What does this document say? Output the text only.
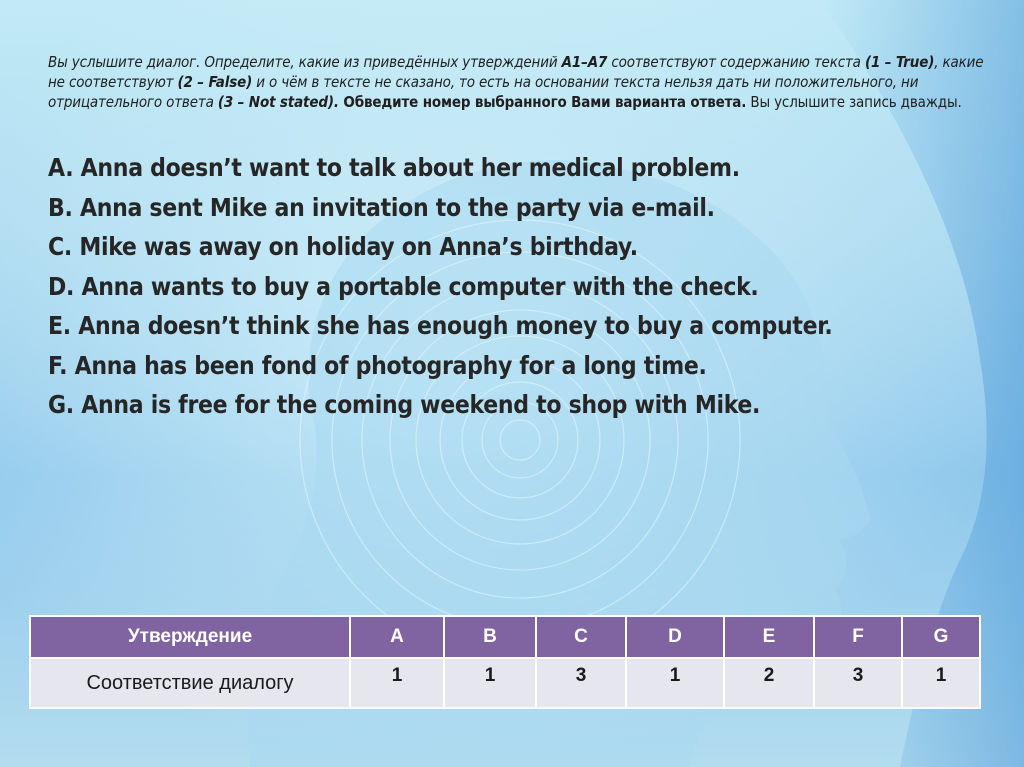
Вы услышите диалог. Определите, какие из приведённых утверждений А1–А7 соответствуют содержанию текста (1 – True), какие не соответствуют (2 – False) и о чём в тексте не сказано, то есть на основании текста нельзя дать ни положительного, ни отрицательного ответа (3 – Not stated). Обведите номер выбранного Вами варианта ответа. Вы услышите запись дважды.
A. Anna doesn’t want to talk about her medical problem.
B. Anna sent Mike an invitation to the party via e-mail.
C. Mike was away on holiday on Anna’s birthday.
D. Anna wants to buy a portable computer with the check.
E. Anna doesn’t think she has enough money to buy a computer.
F. Anna has been fond of photography for a long time.
G. Anna is free for the coming weekend to shop with Mike.
Утверждение	A	B	C	D	E	F	G
Соответствие диалогу	1	1	3	1	2	3	1
